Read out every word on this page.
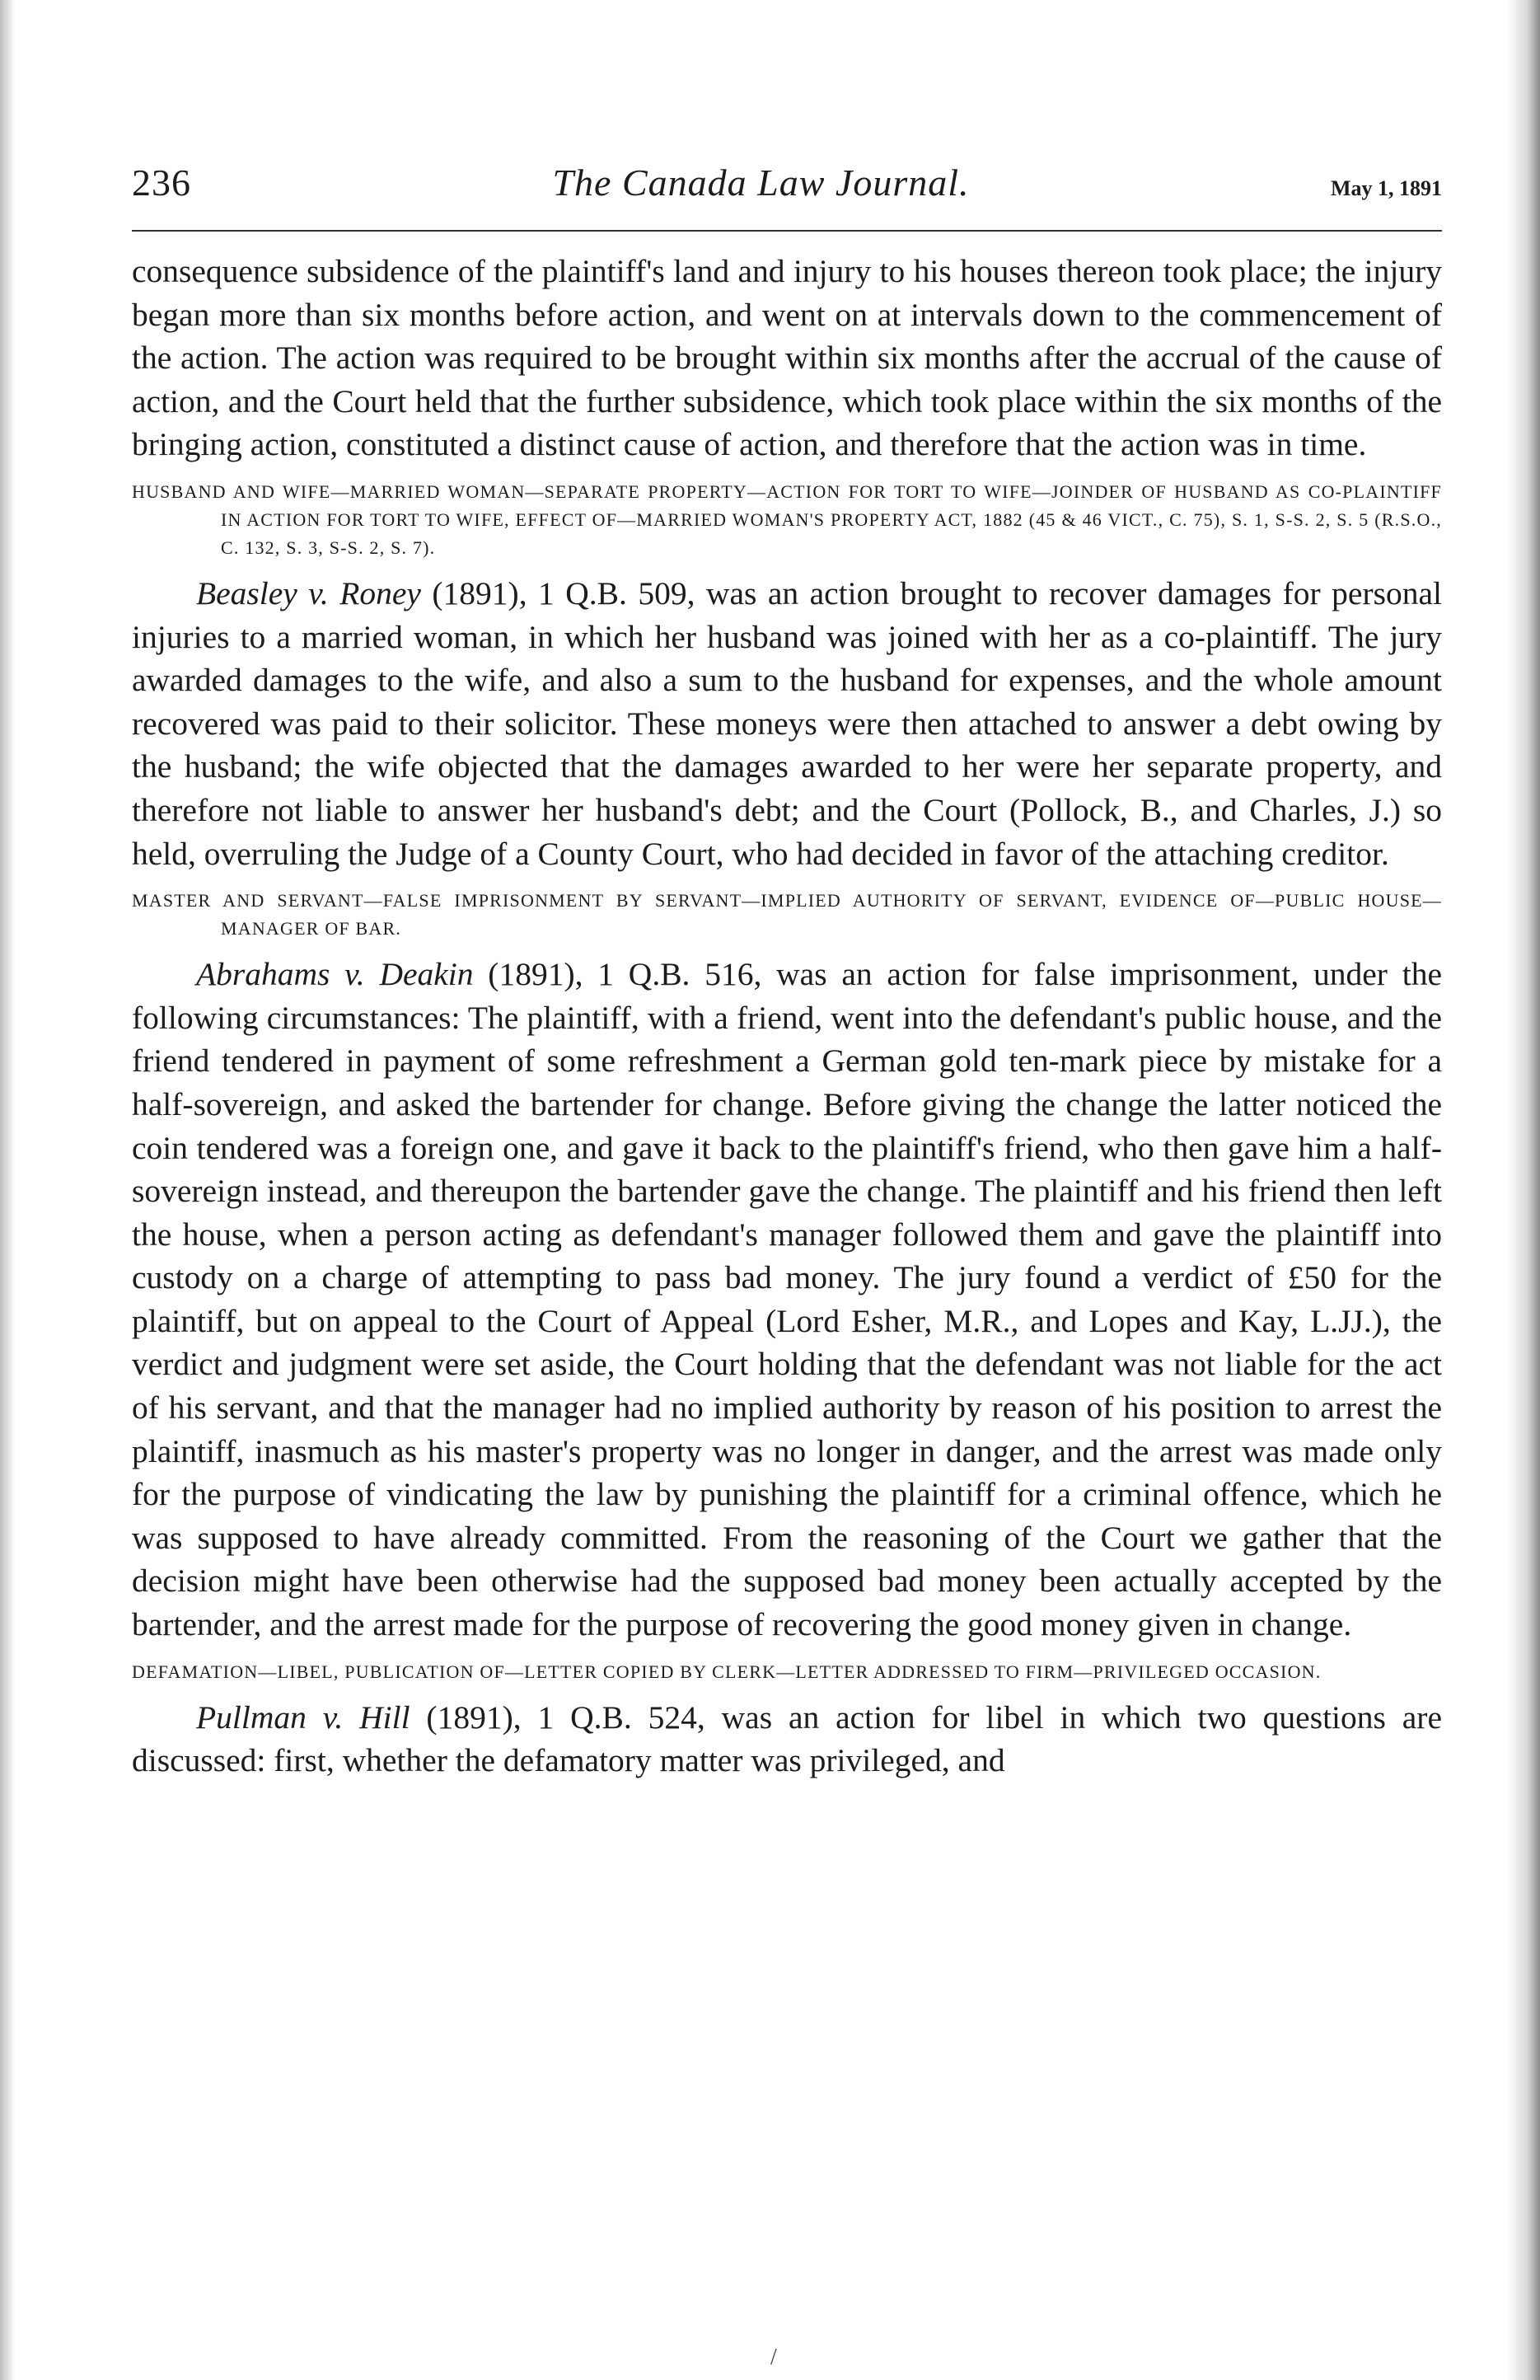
236	The Canada Law Journal.	May 1, 1891

consequence subsidence of the plaintiff's land and injury to his houses thereon took place; the injury began more than six months before action, and went on at intervals down to the commencement of the action. The action was required to be brought within six months after the accrual of the cause of action, and the Court held that the further subsidence, which took place within the six months of the bringing action, constituted a distinct cause of action, and therefore that the action was in time.

HUSBAND AND WIFE—MARRIED WOMAN—SEPARATE PROPERTY—ACTION FOR TORT TO WIFE—JOINDER OF HUSBAND AS CO-PLAINTIFF IN ACTION FOR TORT TO WIFE, EFFECT OF—MARRIED WOMAN'S PROPERTY ACT, 1882 (45 & 46 VICT., C. 75), S. 1, S-S. 2, S. 5 (R.S.O., C. 132, S. 3, S-S. 2, S. 7).

Beasley v. Roney (1891), 1 Q.B. 509, was an action brought to recover damages for personal injuries to a married woman, in which her husband was joined with her as a co-plaintiff. The jury awarded damages to the wife, and also a sum to the husband for expenses, and the whole amount recovered was paid to their solicitor. These moneys were then attached to answer a debt owing by the husband; the wife objected that the damages awarded to her were her separate property, and therefore not liable to answer her husband's debt; and the Court (Pollock, B., and Charles, J.) so held, overruling the Judge of a County Court, who had decided in favor of the attaching creditor.

MASTER AND SERVANT—FALSE IMPRISONMENT BY SERVANT—IMPLIED AUTHORITY OF SERVANT, EVIDENCE OF—PUBLIC HOUSE—MANAGER OF BAR.

Abrahams v. Deakin (1891), 1 Q.B. 516, was an action for false imprisonment, under the following circumstances: The plaintiff, with a friend, went into the defendant's public house, and the friend tendered in payment of some refreshment a German gold ten-mark piece by mistake for a half-sovereign, and asked the bartender for change. Before giving the change the latter noticed the coin tendered was a foreign one, and gave it back to the plaintiff's friend, who then gave him a half-sovereign instead, and thereupon the bartender gave the change. The plaintiff and his friend then left the house, when a person acting as defendant's manager followed them and gave the plaintiff into custody on a charge of attempting to pass bad money. The jury found a verdict of £50 for the plaintiff, but on appeal to the Court of Appeal (Lord Esher, M.R., and Lopes and Kay, L.JJ.), the verdict and judgment were set aside, the Court holding that the defendant was not liable for the act of his servant, and that the manager had no implied authority by reason of his position to arrest the plaintiff, inasmuch as his master's property was no longer in danger, and the arrest was made only for the purpose of vindicating the law by punishing the plaintiff for a criminal offence, which he was supposed to have already committed. From the reasoning of the Court we gather that the decision might have been otherwise had the supposed bad money been actually accepted by the bartender, and the arrest made for the purpose of recovering the good money given in change.

DEFAMATION—LIBEL, PUBLICATION OF—LETTER COPIED BY CLERK—LETTER ADDRESSED TO FIRM—PRIVILEGED OCCASION.

Pullman v. Hill (1891), 1 Q.B. 524, was an action for libel in which two questions are discussed: first, whether the defamatory matter was privileged, and

/
